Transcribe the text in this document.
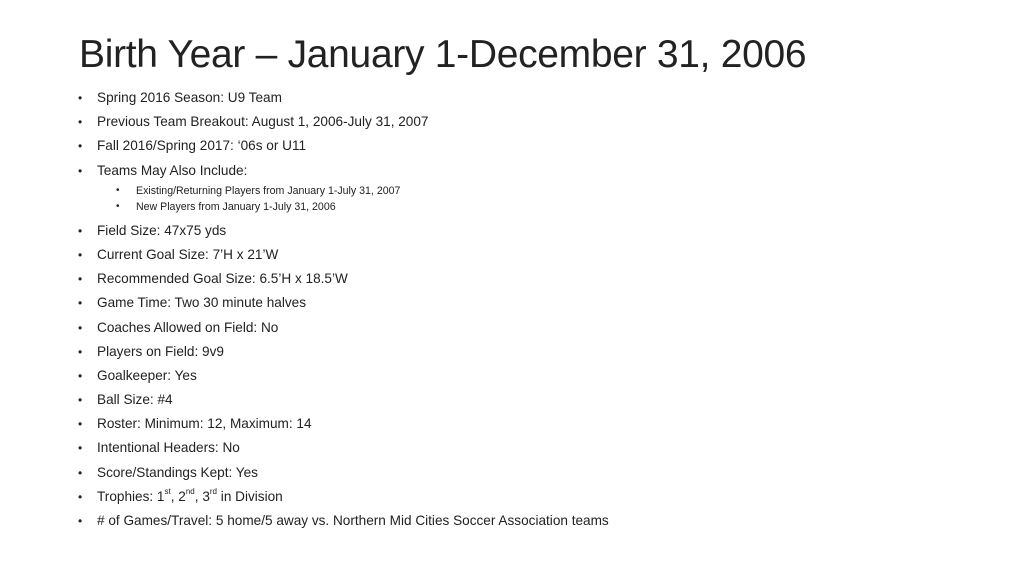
Birth Year – January 1-December 31, 2006
•	Spring 2016 Season: U9 Team
•	Previous Team Breakout: August 1, 2006-July 31, 2007
•	Fall 2016/Spring 2017: ‘06s or U11
•	Teams May Also Include:
•	Existing/Returning Players from January 1-July 31, 2007
•	New Players from January 1-July 31, 2006
•	Field Size: 47x75 yds
•	Current Goal Size: 7’H x 21’W
•	Recommended Goal Size: 6.5’H x 18.5’W
•	Game Time: Two 30 minute halves
•	Coaches Allowed on Field: No
•	Players on Field: 9v9
•	Goalkeeper: Yes
•	Ball Size: #4
•	Roster: Minimum: 12, Maximum: 14
•	Intentional Headers: No
•	Score/Standings Kept: Yes
•	Trophies: 1st, 2nd, 3rd in Division
•	# of Games/Travel: 5 home/5 away vs. Northern Mid Cities Soccer Association teams
